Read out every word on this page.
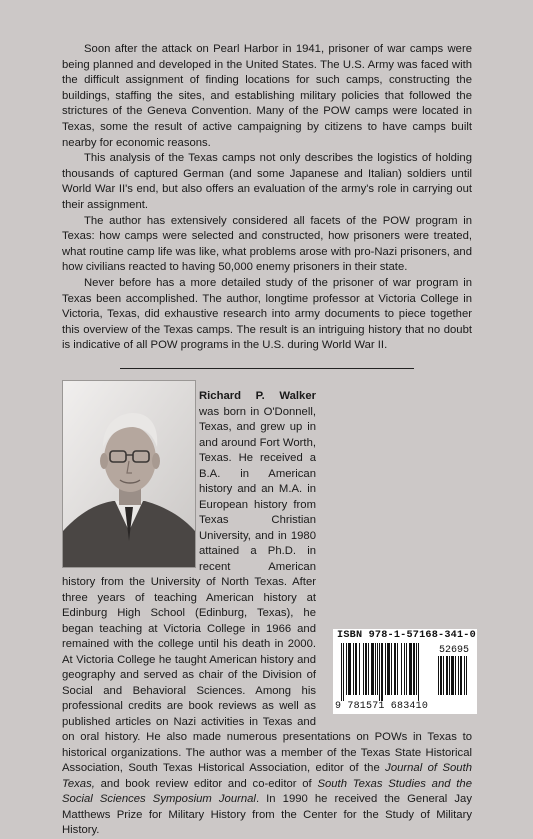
Soon after the attack on Pearl Harbor in 1941, prisoner of war camps were being planned and developed in the United States. The U.S. Army was faced with the difficult assignment of finding locations for such camps, constructing the buildings, staffing the sites, and establishing military policies that followed the strictures of the Geneva Convention. Many of the POW camps were located in Texas, some the result of active campaigning by citizens to have camps built nearby for economic reasons.

This analysis of the Texas camps not only describes the logistics of holding thousands of captured German (and some Japanese and Italian) soldiers until World War II's end, but also offers an evaluation of the army's role in carrying out their assignment.

The author has extensively considered all facets of the POW program in Texas: how camps were selected and constructed, how prisoners were treated, what routine camp life was like, what problems arose with pro-Nazi prisoners, and how civilians reacted to having 50,000 enemy prisoners in their state.

Never before has a more detailed study of the prisoner of war program in Texas been accomplished. The author, longtime professor at Victoria College in Victoria, Texas, did exhaustive research into army documents to piece together this overview of the Texas camps. The result is an intriguing history that no doubt is indicative of all POW programs in the U.S. during World War II.

Richard P. Walker was born in O'Donnell, Texas, and grew up in and around Fort Worth, Texas. He received a B.A. in American history and an M.A. in European history from Texas Christian University, and in 1980 attained a Ph.D. in recent American history from the University of North Texas. After three years of teaching American history at Edinburg High School (Edinburg, Texas), he began teaching at Victoria College in 1966 and remained with the college until his death in 2000. At Victoria College he taught American history and geography and served as chair of the Division of Social and Behavioral Sciences. Among his professional credits are book reviews as well as published articles on Nazi activities in Texas and on oral history. He also made numerous presentations on POWs in Texas to historical organizations. The author was a member of the Texas State Historical Association, South Texas Historical Association, editor of the Journal of South Texas, and book review editor and co-editor of South Texas Studies and the Social Sciences Symposium Journal. In 1990 he received the General Jay Matthews Prize for Military History from the Center for the Study of Military History.
ISBN 978-1-57168-341-0
52695
9 781571 683410
